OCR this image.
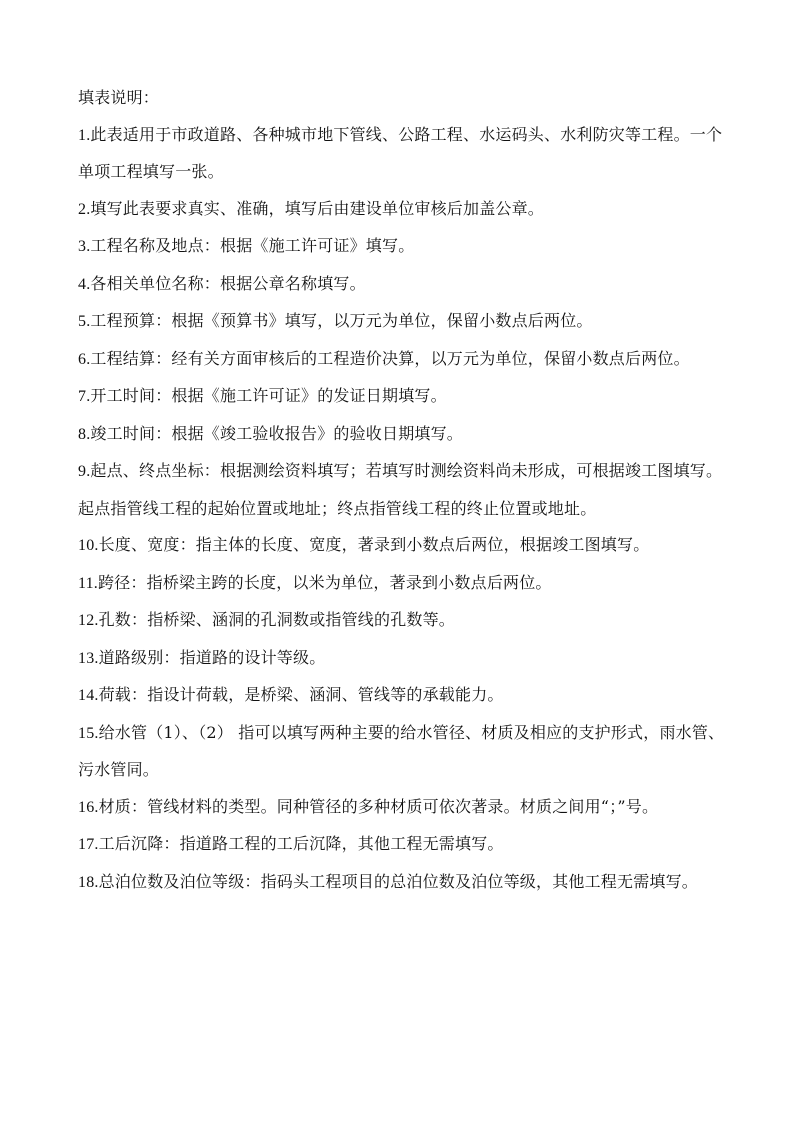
填表说明：

1.此表适用于市政道路、各种城市地下管线、公路工程、水运码头、水利防灾等工程。一个单项工程填写一张。

2.填写此表要求真实、准确，填写后由建设单位审核后加盖公章。

3.工程名称及地点：根据《施工许可证》填写。

4.各相关单位名称：根据公章名称填写。

5.工程预算：根据《预算书》填写，以万元为单位，保留小数点后两位。

6.工程结算：经有关方面审核后的工程造价决算，以万元为单位，保留小数点后两位。

7.开工时间：根据《施工许可证》的发证日期填写。

8.竣工时间：根据《竣工验收报告》的验收日期填写。

9.起点、终点坐标：根据测绘资料填写；若填写时测绘资料尚未形成，可根据竣工图填写。起点指管线工程的起始位置或地址；终点指管线工程的终止位置或地址。

10.长度、宽度：指主体的长度、宽度，著录到小数点后两位，根据竣工图填写。

11.跨径：指桥梁主跨的长度，以米为单位，著录到小数点后两位。

12.孔数：指桥梁、涵洞的孔洞数或指管线的孔数等。

13.道路级别：指道路的设计等级。

14.荷载：指设计荷载，是桥梁、涵洞、管线等的承载能力。

15.给水管（1）、（2） 指可以填写两种主要的给水管径、材质及相应的支护形式，雨水管、污水管同。

16.材质：管线材料的类型。同种管径的多种材质可依次著录。材质之间用“；”号。

17.工后沉降：指道路工程的工后沉降，其他工程无需填写。

18.总泊位数及泊位等级：指码头工程项目的总泊位数及泊位等级，其他工程无需填写。
